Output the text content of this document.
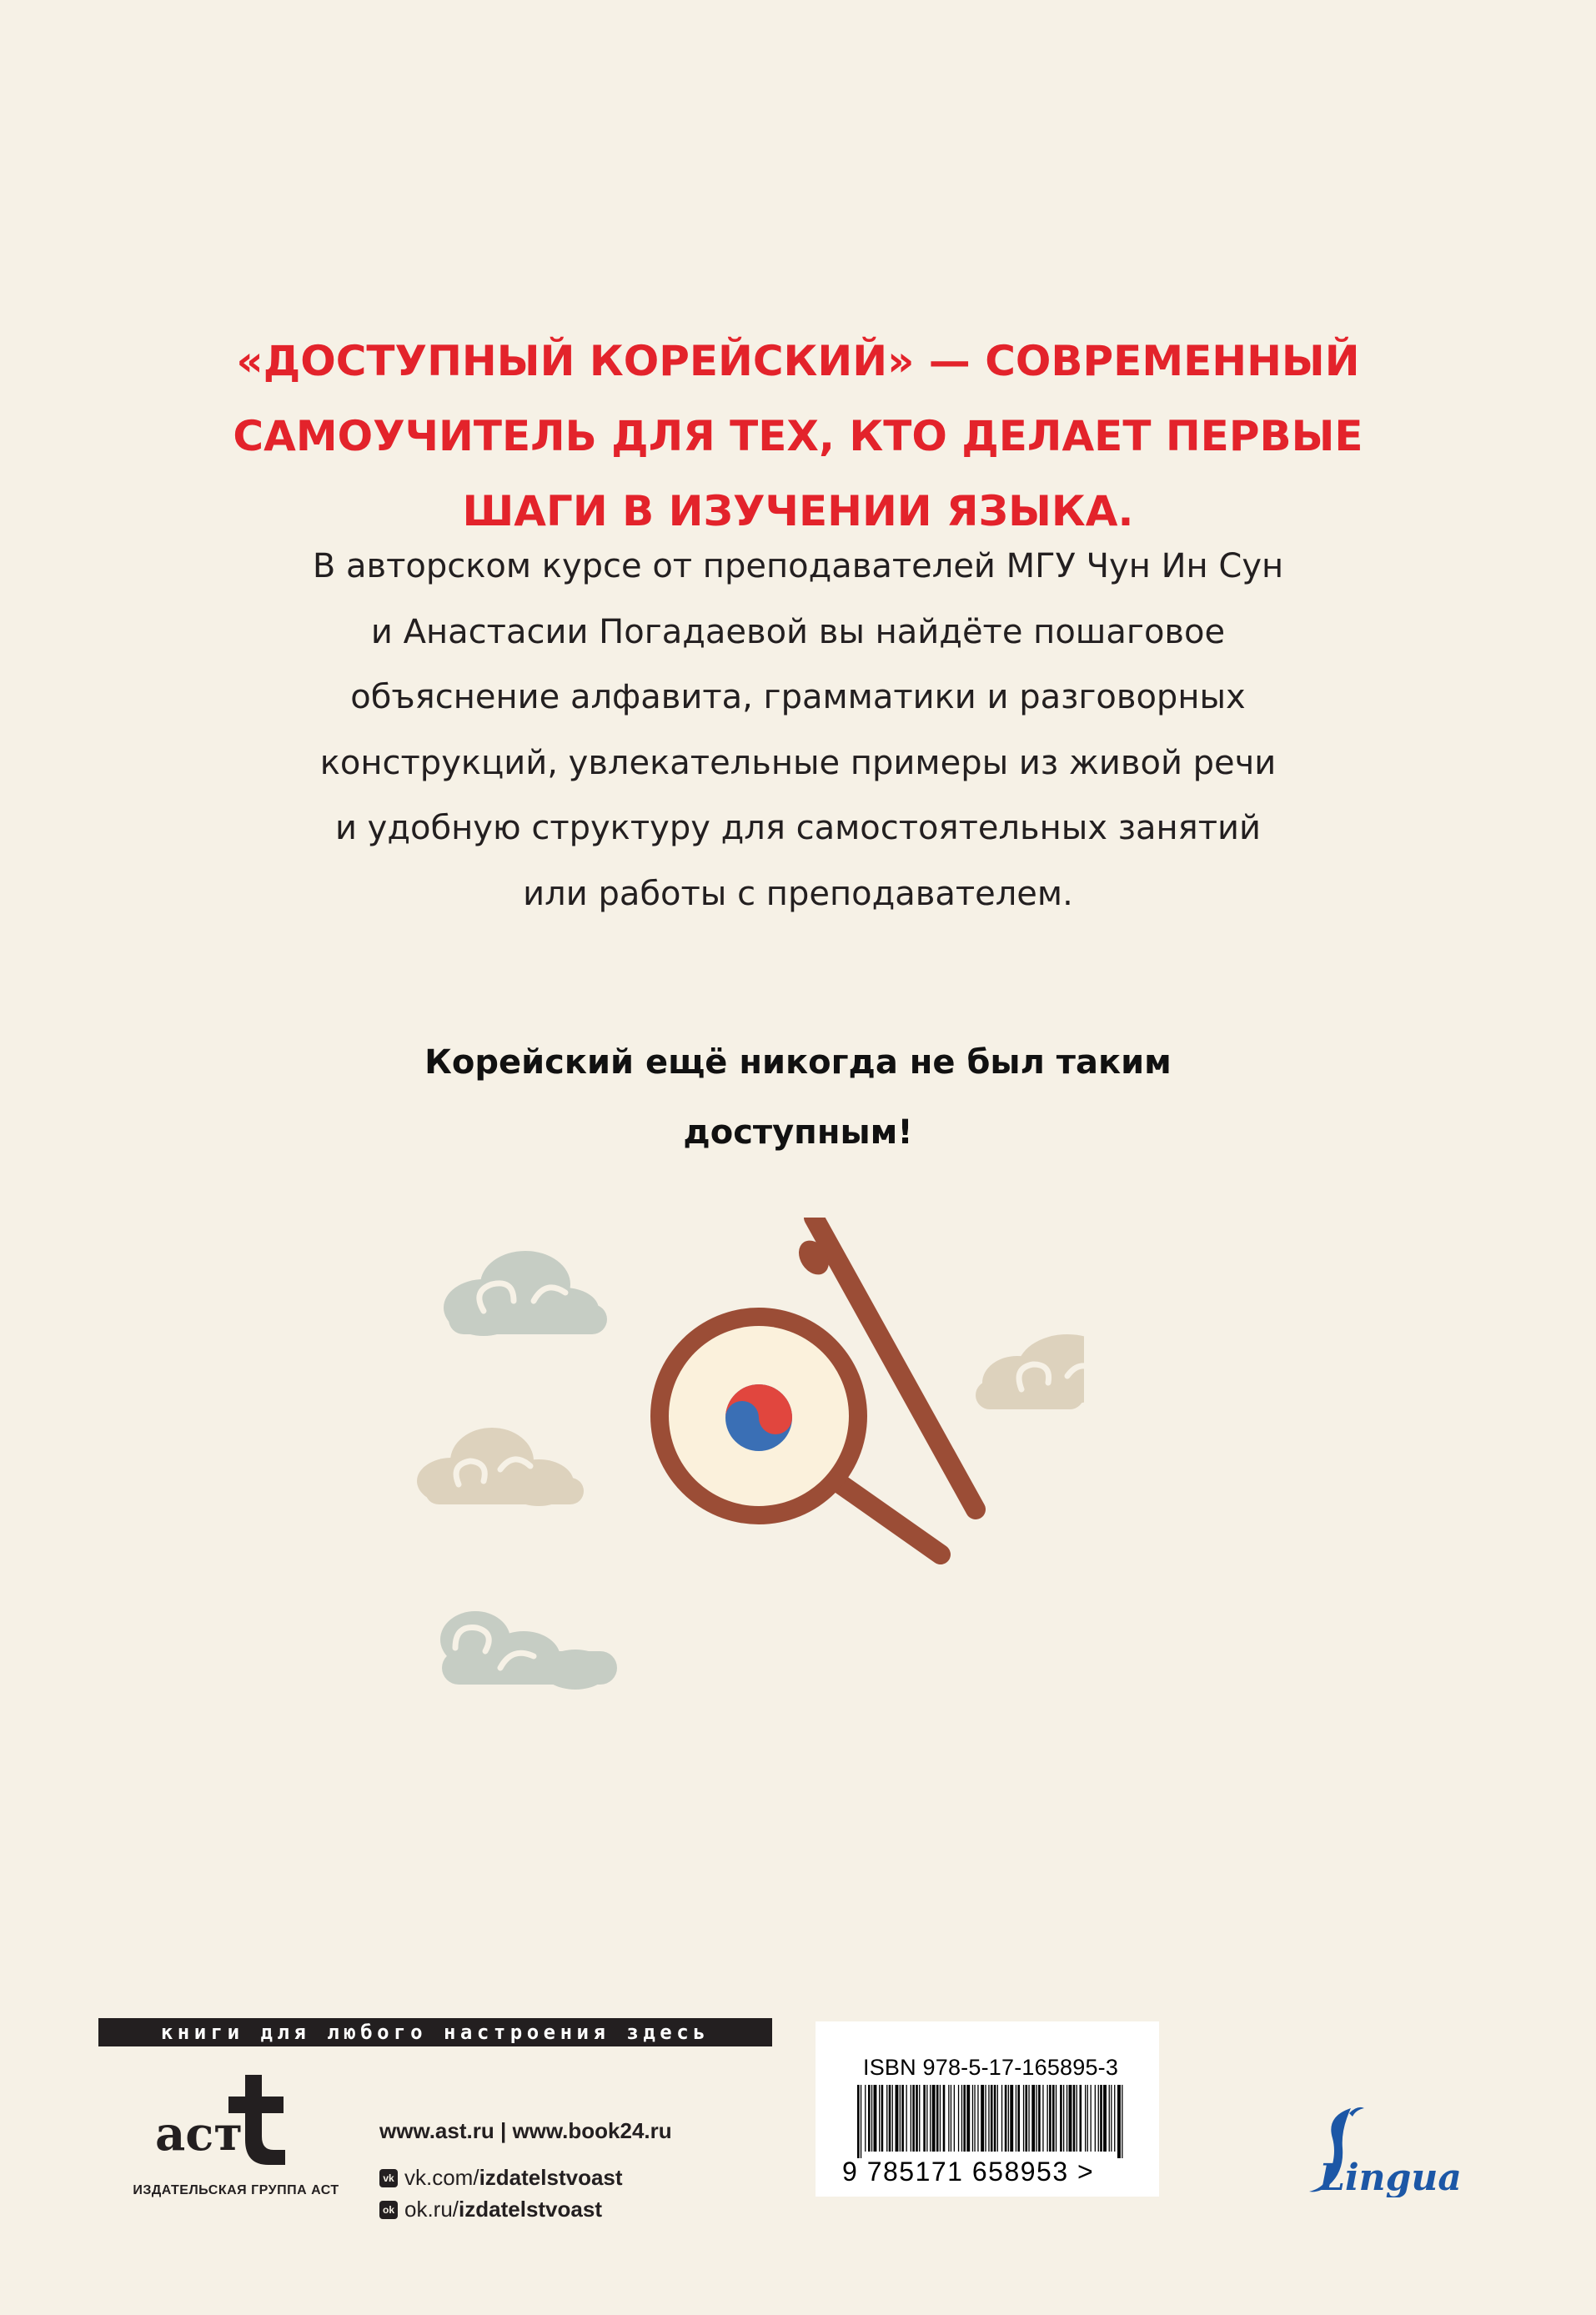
«ДОСТУПНЫЙ КОРЕЙСКИЙ» — СОВРЕМЕННЫЙ
САМОУЧИТЕЛЬ ДЛЯ ТЕХ, КТО ДЕЛАЕТ ПЕРВЫЕ
ШАГИ В ИЗУЧЕНИИ ЯЗЫКА.

В авторском курсе от преподавателей МГУ Чун Ин Сун
и Анастасии Погадаевой вы найдёте пошаговое
объяснение алфавита, грамматики и разговорных
конструкций, увлекательные примеры из живой речи
и удобную структуру для самостоятельных занятий
или работы с преподавателем.

Корейский ещё никогда не был таким
доступным!

книги для любого настроения здесь
аст
ИЗДАТЕЛЬСКАЯ ГРУППА АСТ
www.ast.ru | www.book24.ru
vk vk.com/izdatelstvoast
ok ok.ru/izdatelstvoast
ISBN 978-5-17-165895-3
9 785171 658953 >	Lingua
